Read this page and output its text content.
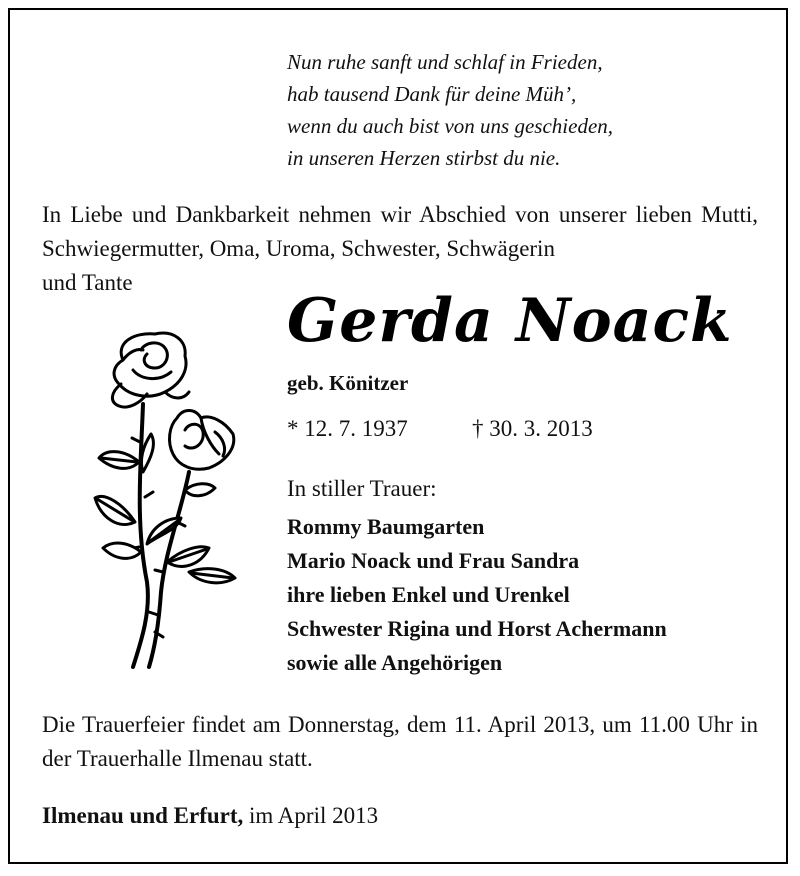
Nun ruhe sanft und schlaf in Frieden,
hab tausend Dank für deine Müh’,
wenn du auch bist von uns geschieden,
in unseren Herzen stirbst du nie.
In Liebe und Dankbarkeit nehmen wir Abschied von unserer lieben Mutti, Schwiegermutter, Oma, Uroma, Schwester, Schwägerin
und Tante
Gerda Noack
geb. Könitzer
* 12. 7. 1937	† 30. 3. 2013
In stiller Trauer:
Rommy Baumgarten
Mario Noack und Frau Sandra
ihre lieben Enkel und Urenkel
Schwester Rigina und Horst Achermann
sowie alle Angehörigen
Die Trauerfeier findet am Donnerstag, dem 11. April 2013, um 11.00 Uhr in der Trauerhalle Ilmenau statt.
Ilmenau und Erfurt, im April 2013
